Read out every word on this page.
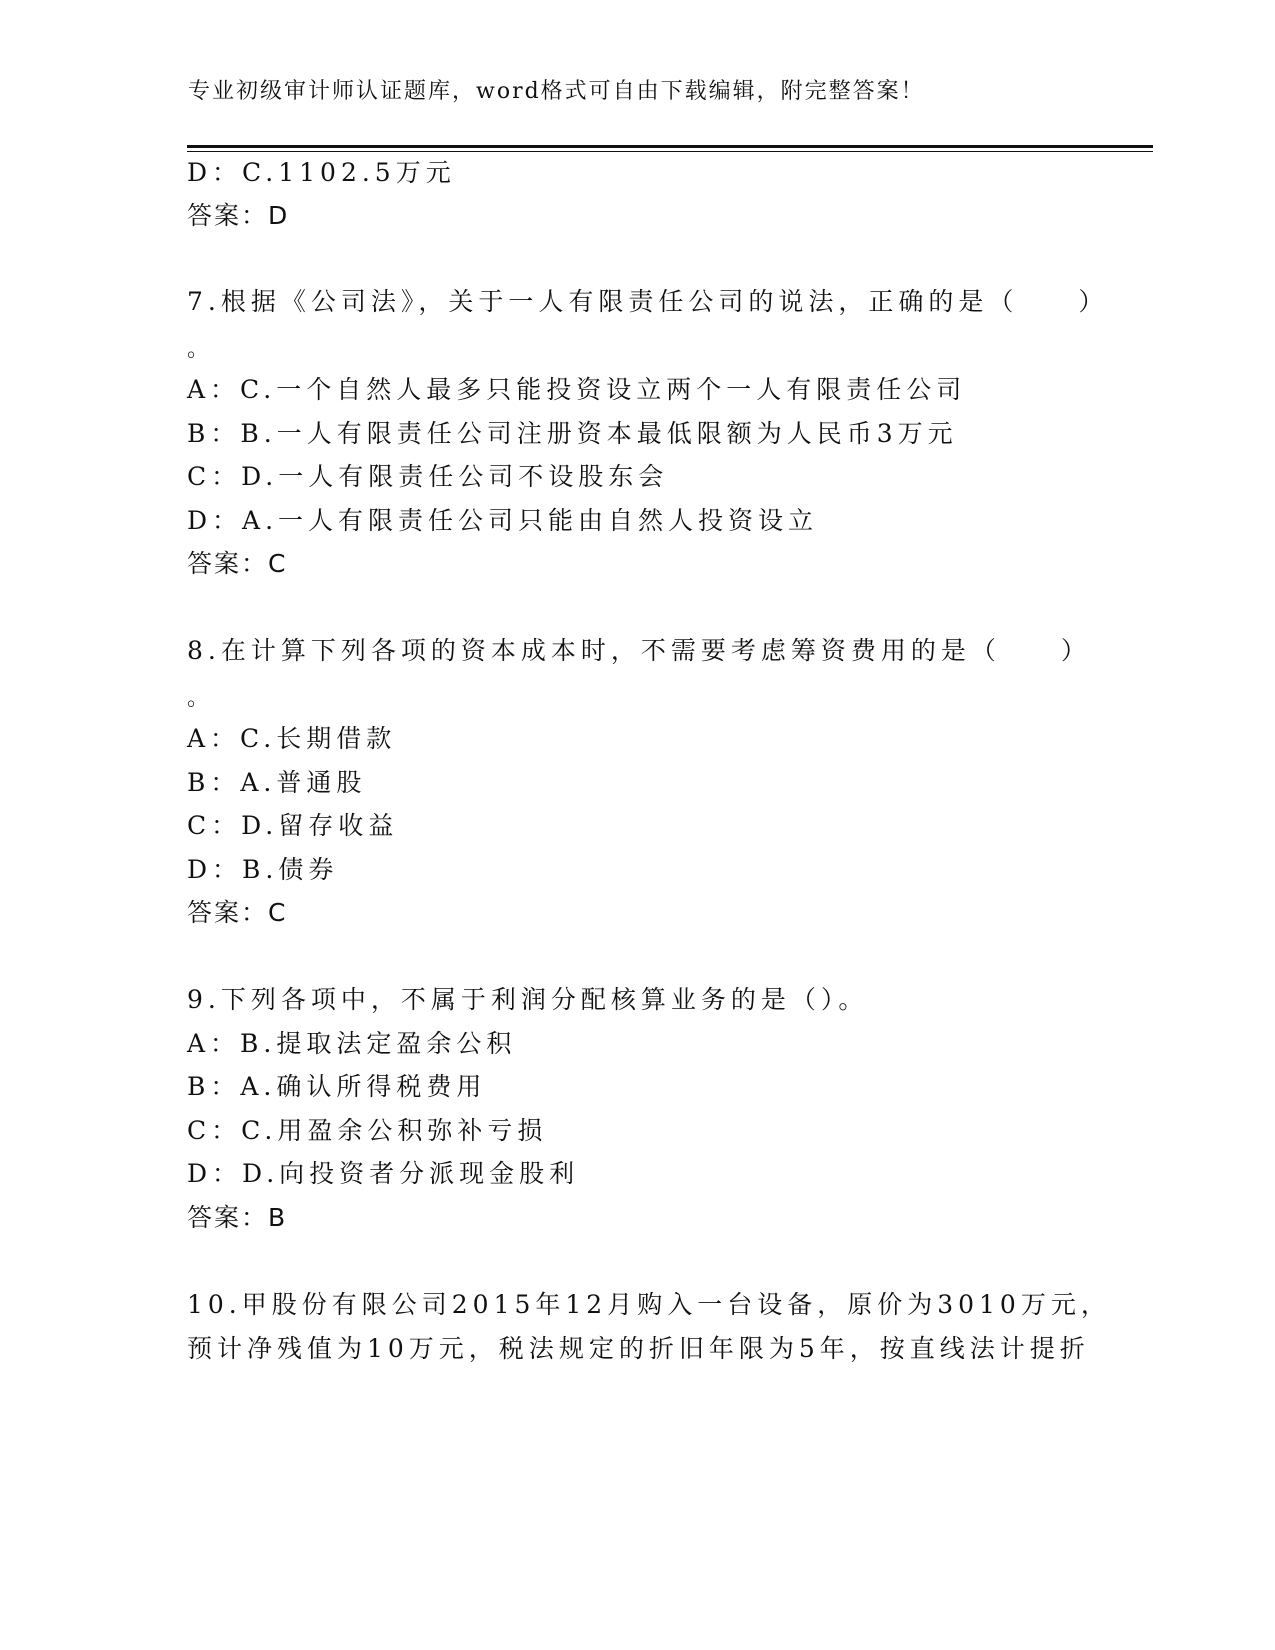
专业初级审计师认证题库，word格式可自由下载编辑，附完整答案！
D：C.1102.5万元
答案：D
7.根据《公司法》，关于一人有限责任公司的说法，正确的是（　　）
。
A：C.一个自然人最多只能投资设立两个一人有限责任公司
B：B.一人有限责任公司注册资本最低限额为人民币3万元
C：D.一人有限责任公司不设股东会
D：A.一人有限责任公司只能由自然人投资设立
答案：C
8.在计算下列各项的资本成本时，不需要考虑筹资费用的是（　　）
。
A：C.长期借款
B：A.普通股
C：D.留存收益
D：B.债券
答案：C
9.下列各项中，不属于利润分配核算业务的是（）。
A：B.提取法定盈余公积
B：A.确认所得税费用
C：C.用盈余公积弥补亏损
D：D.向投资者分派现金股利
答案：B
10.甲股份有限公司2015年12月购入一台设备，原价为3010万元，
预计净残值为10万元，税法规定的折旧年限为5年，按直线法计提折
